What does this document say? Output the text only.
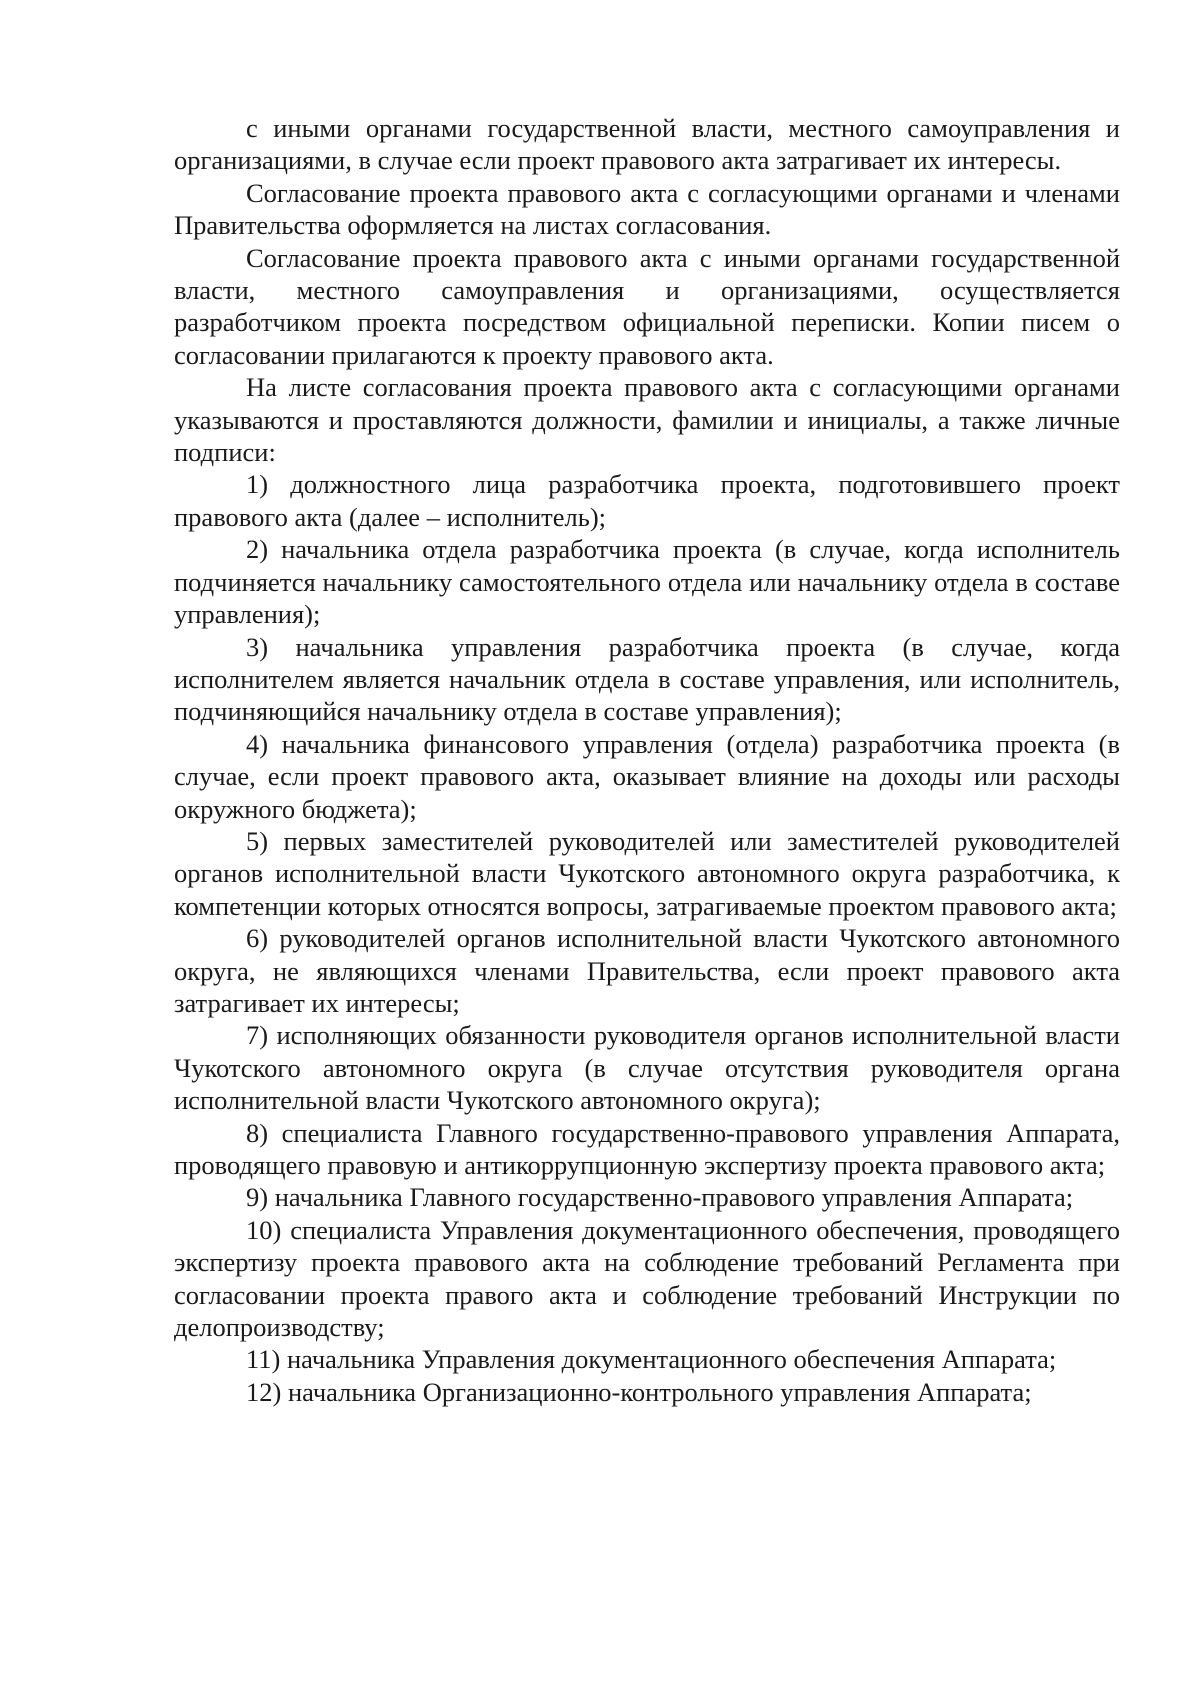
с иными органами государственной власти, местного самоуправления и организациями, в случае если проект правового акта затрагивает их интересы.

Согласование проекта правового акта с согласующими органами и членами Правительства оформляется на листах согласования.

Согласование проекта правового акта с иными органами государственной власти, местного самоуправления и организациями, осуществляется разработчиком проекта посредством официальной переписки. Копии писем о согласовании прилагаются к проекту правового акта.

На листе согласования проекта правового акта с согласующими органами указываются и проставляются должности, фамилии и инициалы, а также личные подписи:

1) должностного лица разработчика проекта, подготовившего проект правового акта (далее – исполнитель);

2) начальника отдела разработчика проекта (в случае, когда исполнитель подчиняется начальнику самостоятельного отдела или начальнику отдела в составе управления);

3) начальника управления разработчика проекта (в случае, когда исполнителем является начальник отдела в составе управления, или исполнитель, подчиняющийся начальнику отдела в составе управления);

4) начальника финансового управления (отдела) разработчика проекта (в случае, если проект правового акта, оказывает влияние на доходы или расходы окружного бюджета);

5) первых заместителей руководителей или заместителей руководителей органов исполнительной власти Чукотского автономного округа разработчика, к компетенции которых относятся вопросы, затрагиваемые проектом правового акта;

6) руководителей органов исполнительной власти Чукотского автономного округа, не являющихся членами Правительства, если проект правового акта затрагивает их интересы;

7) исполняющих обязанности руководителя органов исполнительной власти Чукотского автономного округа (в случае отсутствия руководителя органа исполнительной власти Чукотского автономного округа);

8) специалиста Главного государственно-правового управления Аппарата, проводящего правовую и антикоррупционную экспертизу проекта правового акта;

9) начальника Главного государственно-правового управления Аппарата;

10) специалиста Управления документационного обеспечения, проводящего экспертизу проекта правового акта на соблюдение требований Регламента при согласовании проекта правого акта и соблюдение требований Инструкции по делопроизводству;

11) начальника Управления документационного обеспечения Аппарата;

12) начальника Организационно-контрольного управления Аппарата;
